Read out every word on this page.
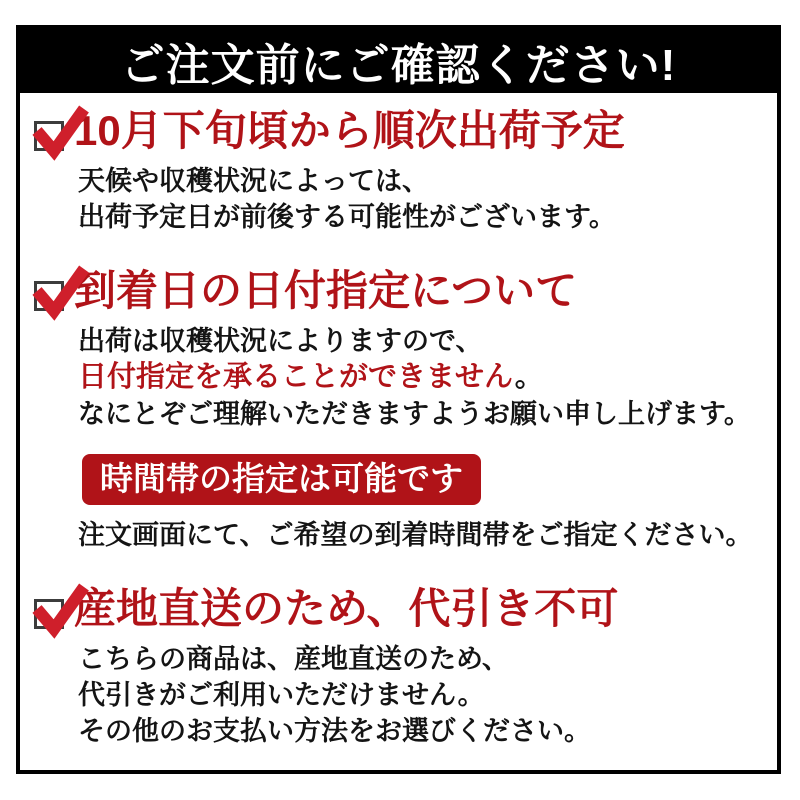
ご注文前にご確認ください!
10月下旬頃から順次出荷予定

天候や収穫状況によっては、

出荷予定日が前後する可能性がございます。

到着日の日付指定について

出荷は収穫状況によりますので、

日付指定を承ることができません。

なにとぞご理解いただきますようお願い申し上げます。

時間帯の指定は可能です

注文画面にて、ご希望の到着時間帯をご指定ください。

産地直送のため、代引き不可

こちらの商品は、産地直送のため、

代引きがご利用いただけません。

その他のお支払い方法をお選びください。
